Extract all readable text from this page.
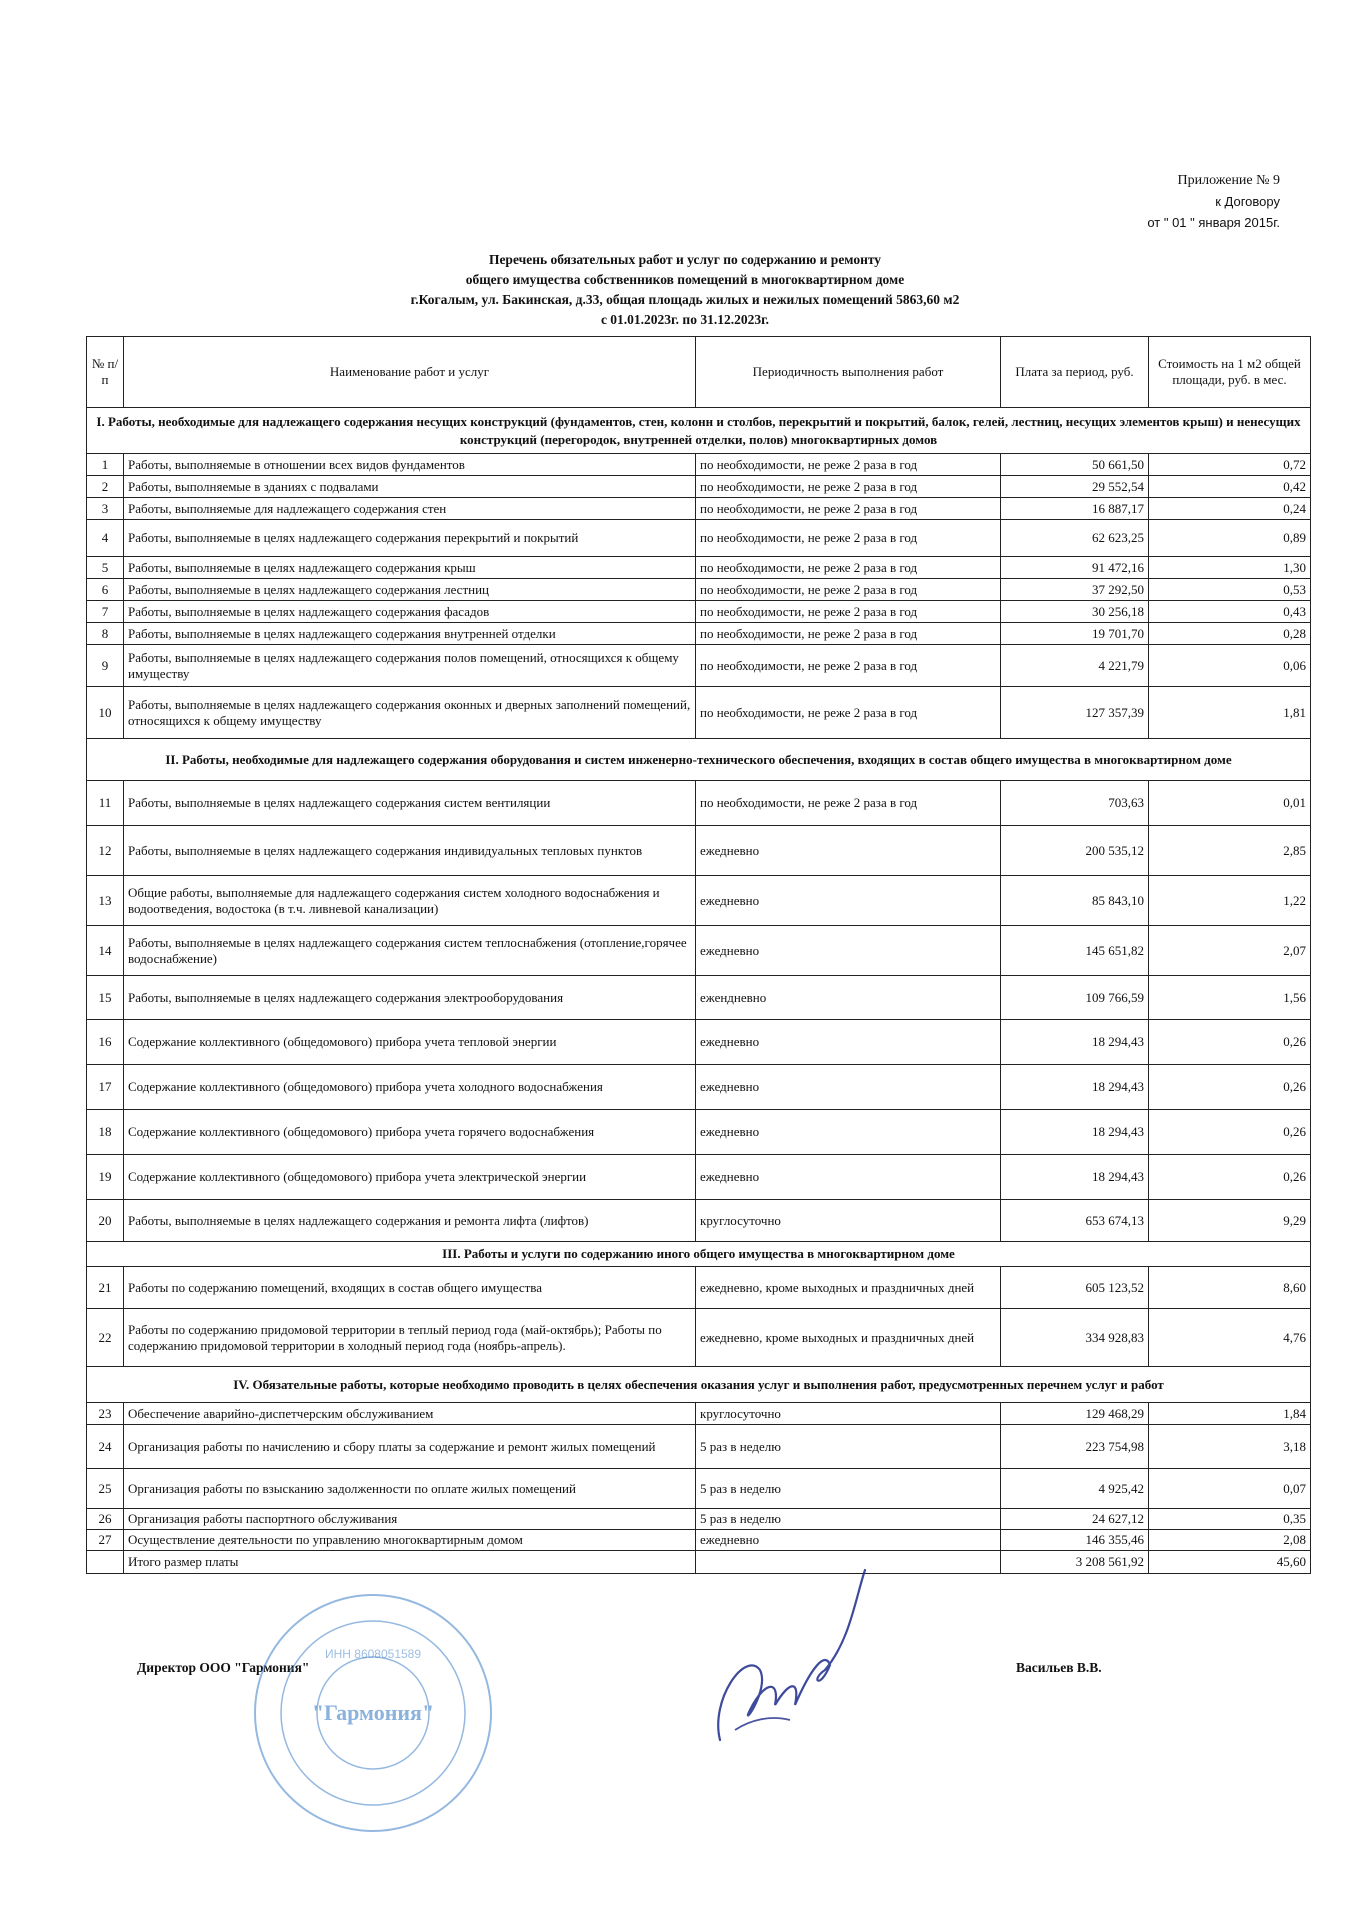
Приложение № 9
к Договору
от " 01 " января 2015г.
Перечень обязательных работ и услуг по содержанию и ремонту
общего имущества собственников помещений в многоквартирном доме
г.Когалым, ул. Бакинская, д.33, общая площадь жилых и нежилых помещений 5863,60 м2
с 01.01.2023г. по 31.12.2023г.
№ п/п	Наименование работ и услуг	Периодичность выполнения работ	Плата за период, руб.	Стоимость на 1 м2 общей площади, руб. в мес.
I. Работы, необходимые для надлежащего содержания несущих конструкций (фундаментов, стен, колонн и столбов, перекрытий и покрытий, балок, гелей, лестниц, несущих элементов крыш) и ненесущих конструкций (перегородок, внутренней отделки, полов) многоквартирных домов				
1	Работы, выполняемые в отношении всех видов фундаментов	по необходимости, не реже 2 раза в год	50 661,50	0,72
2	Работы, выполняемые в зданиях с подвалами	по необходимости, не реже 2 раза в год	29 552,54	0,42
3	Работы, выполняемые для надлежащего содержания стен	по необходимости, не реже 2 раза в год	16 887,17	0,24
4	Работы, выполняемые в целях надлежащего содержания перекрытий и покрытий	по необходимости, не реже 2 раза в год	62 623,25	0,89
5	Работы, выполняемые в целях надлежащего содержания крыш	по необходимости, не реже 2 раза в год	91 472,16	1,30
6	Работы, выполняемые в целях надлежащего содержания лестниц	по необходимости, не реже 2 раза в год	37 292,50	0,53
7	Работы, выполняемые в целях надлежащего содержания фасадов	по необходимости, не реже 2 раза в год	30 256,18	0,43
8	Работы, выполняемые в целях надлежащего содержания внутренней отделки	по необходимости, не реже 2 раза в год	19 701,70	0,28
9	Работы, выполняемые в целях надлежащего содержания полов помещений, относящихся к общему имуществу	по необходимости, не реже 2 раза в год	4 221,79	0,06
10	Работы, выполняемые в целях надлежащего содержания оконных и дверных заполнений помещений, относящихся к общему имуществу	по необходимости, не реже 2 раза в год	127 357,39	1,81
II. Работы, необходимые для надлежащего содержания оборудования и систем инженерно-технического обеспечения, входящих в состав общего имущества в многоквартирном доме				
11	Работы, выполняемые в целях надлежащего содержания систем вентиляции	по необходимости, не реже 2 раза в год	703,63	0,01
12	Работы, выполняемые в целях надлежащего содержания индивидуальных тепловых пунктов	ежедневно	200 535,12	2,85
13	Общие работы, выполняемые для надлежащего содержания систем холодного водоснабжения и водоотведения, водостока (в т.ч. ливневой канализации)	ежедневно	85 843,10	1,22
14	Работы, выполняемые в целях надлежащего содержания систем теплоснабжения (отопление,горячее водоснабжение)	ежедневно	145 651,82	2,07
15	Работы, выполняемые в целях надлежащего содержания электрооборудования	ежендневно	109 766,59	1,56
16	Содержание коллективного (общедомового) прибора учета тепловой энергии	ежедневно	18 294,43	0,26
17	Содержание коллективного (общедомового) прибора учета холодного водоснабжения	ежедневно	18 294,43	0,26
18	Содержание коллективного (общедомового) прибора учета горячего водоснабжения	ежедневно	18 294,43	0,26
19	Содержание коллективного (общедомового) прибора учета электрической энергии	ежедневно	18 294,43	0,26
20	Работы, выполняемые в целях надлежащего содержания и ремонта лифта (лифтов)	круглосуточно	653 674,13	9,29
III. Работы и услуги по содержанию иного общего имущества в многоквартирном доме				
21	Работы по содержанию помещений, входящих в состав общего имущества	ежедневно, кроме выходных и праздничных дней	605 123,52	8,60
22	Работы по содержанию придомовой территории в теплый период года (май-октябрь); Работы по содержанию придомовой территории в холодный период года (ноябрь-апрель).	ежедневно, кроме выходных и праздничных дней	334 928,83	4,76
IV. Обязательные работы, которые необходимо проводить в целях обеспечения оказания услуг и выполнения работ, предусмотренных перечнем услуг и работ				
23	Обеспечение аварийно-диспетчерским обслуживанием	круглосуточно	129 468,29	1,84
24	Организация работы по начислению и сбору платы за содержание и ремонт жилых помещений	5 раз в неделю	223 754,98	3,18
25	Организация работы по взысканию задолженности по оплате жилых помещений	5 раз в неделю	4 925,42	0,07
26	Организация работы паспортного обслуживания	5 раз в неделю	24 627,12	0,35
27	Осуществление деятельности по управлению многоквартирным домом	ежедневно	146 355,46	2,08
	Итого размер платы		3 208 561,92	45,60
Директор ООО "Гармония"	Васильев В.В.
"Гармония"
ИНН 8608051589
